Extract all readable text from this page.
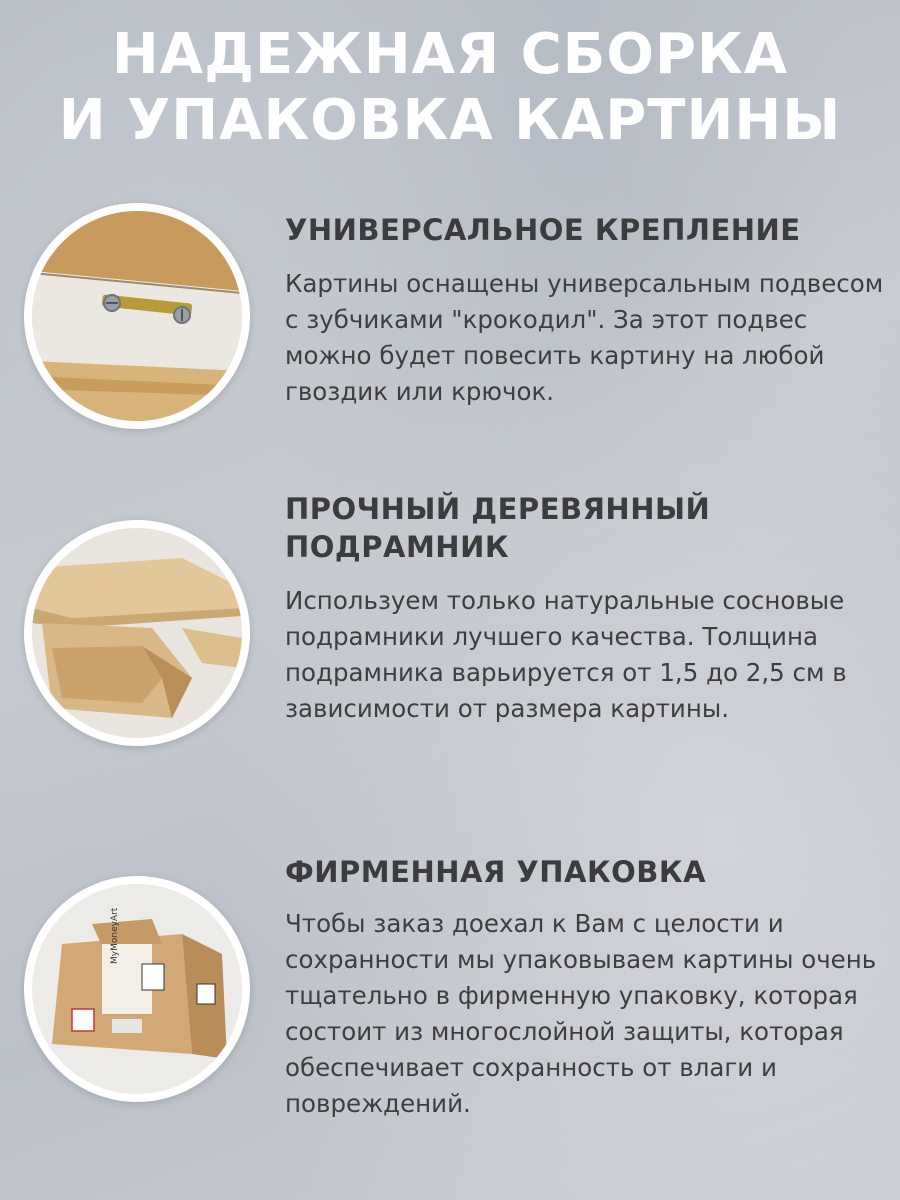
НАДЕЖНАЯ СБОРКА
И УПАКОВКА КАРТИНЫ
УНИВЕРСАЛЬНОЕ КРЕПЛЕНИЕ
Картины оснащены универсальным подвесом с зубчиками "крокодил". За этот подвес можно будет повесить картину на любой гвоздик или крючок.
ПРОЧНЫЙ ДЕРЕВЯННЫЙ
ПОДРАМНИК
Используем только натуральные сосновые подрамники лучшего качества. Толщина подрамника варьируется от 1,5 до 2,5 см в зависимости от размера картины.
MyMoneyArt
ФИРМЕННАЯ УПАКОВКА
Чтобы заказ доехал к Вам с целости и сохранности мы упаковываем картины очень тщательно в фирменную упаковку, которая состоит из многослойной защиты, которая обеспечивает сохранность от влаги и повреждений.
